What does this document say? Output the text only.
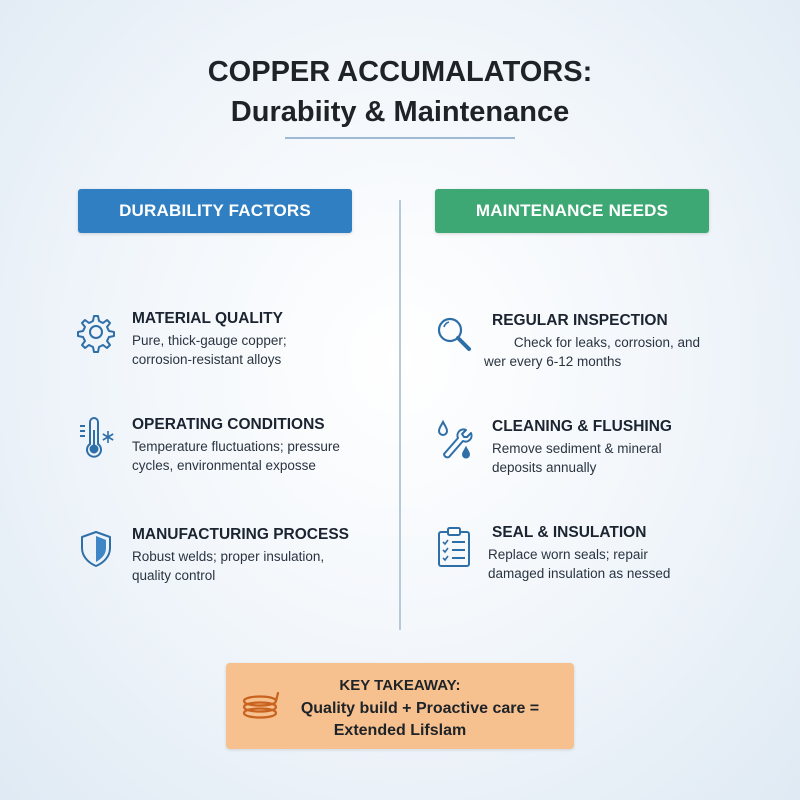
COPPER ACCUMALATORS:
Durabiity & Maintenance
DURABILITY FACTORS	MAINTENANCE NEEDS
MATERIAL QUALITY
Pure, thick-gauge copper;
corrosion-resistant alloys
OPERATING CONDITIONS
Temperature fluctuations; pressure
cycles, environmental exposse
MANUFACTURING PROCESS
Robust welds; proper insulation,
quality control
REGULAR INSPECTION
Check for leaks, corrosion, and
wer every 6-12 months
CLEANING & FLUSHING
Remove sediment & mineral
deposits annually
SEAL & INSULATION
Replace worn seals; repair
damaged insulation as nessed
KEY TAKEAWAY:
Quality build + Proactive care =
Extended Lifslam
